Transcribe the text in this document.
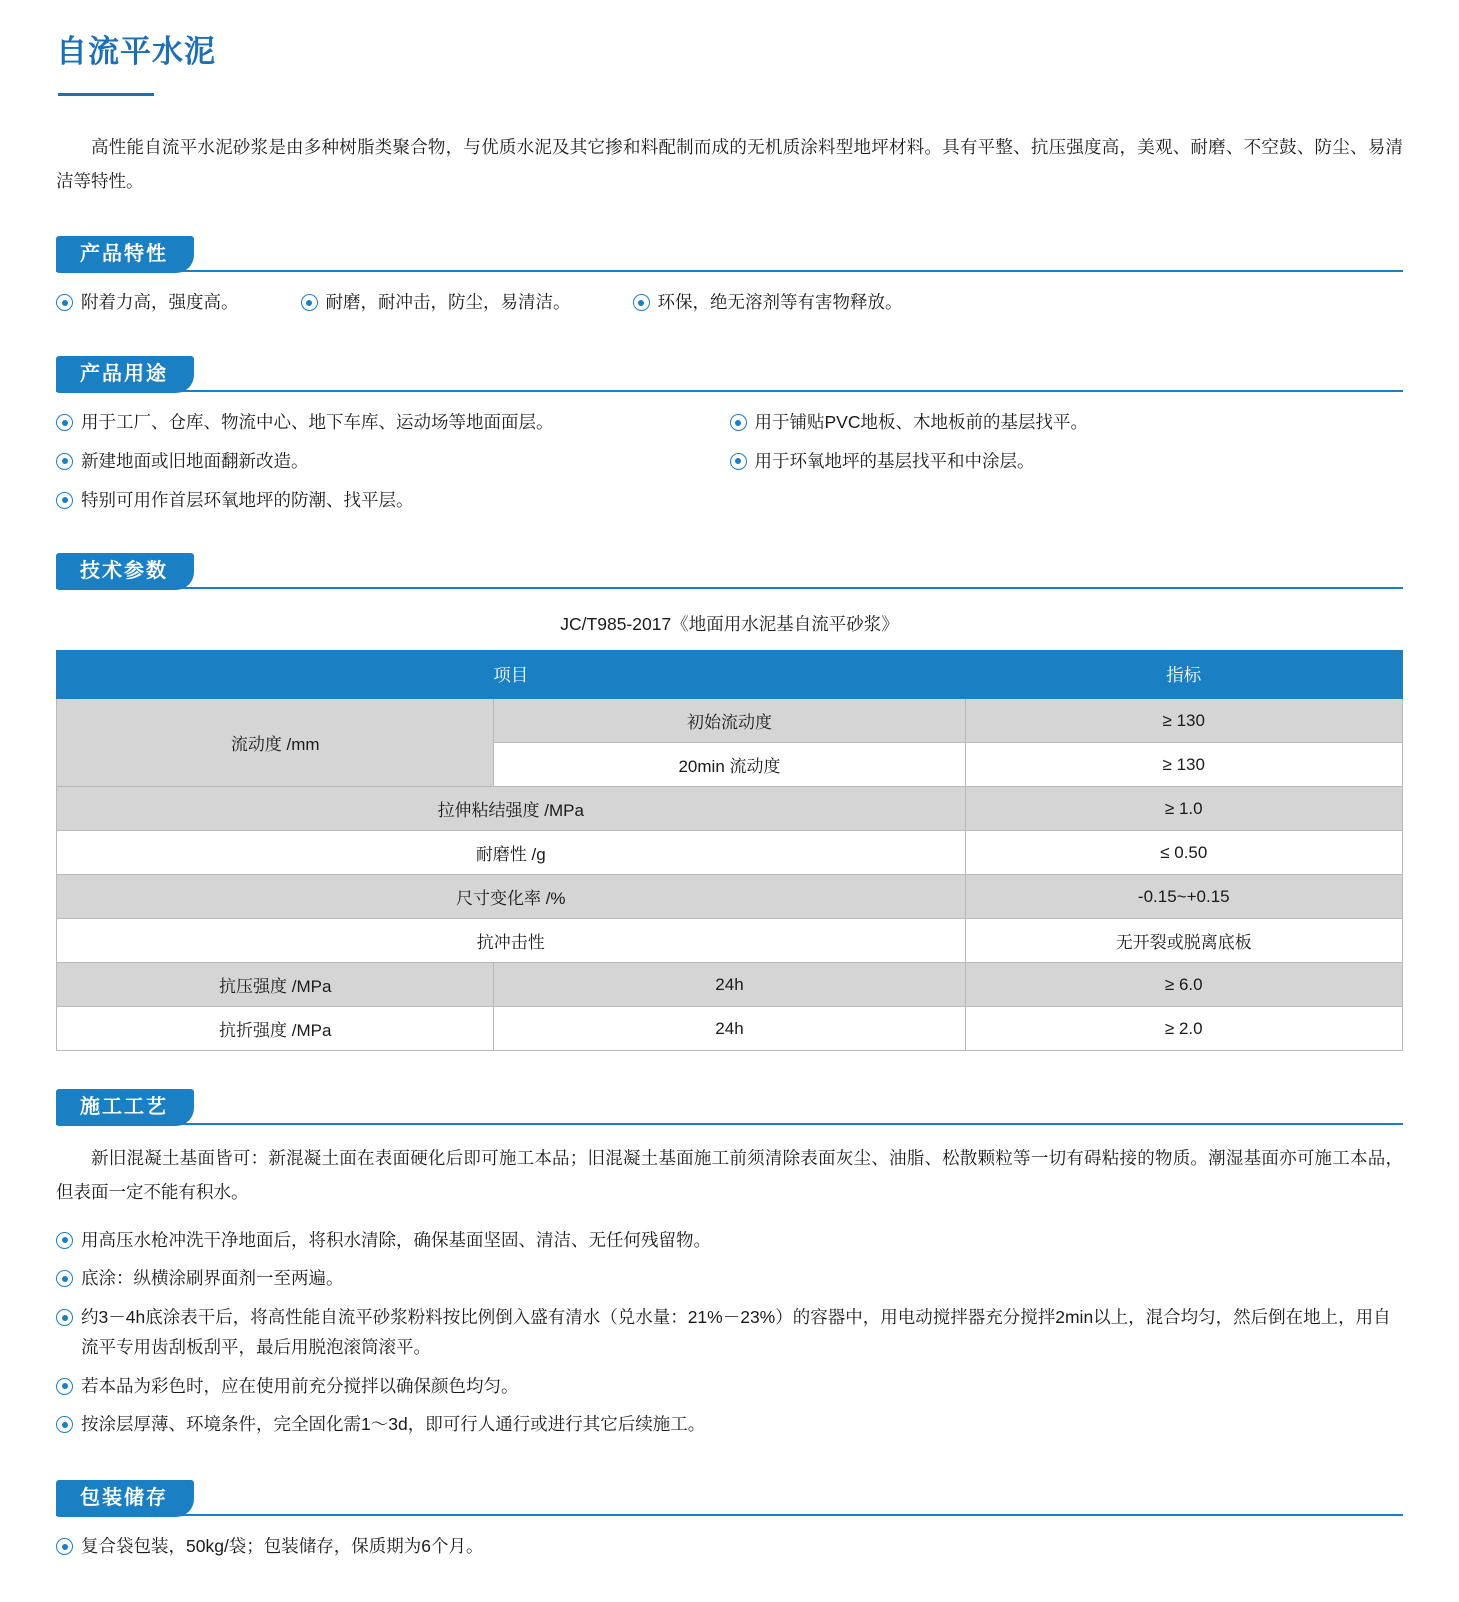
自流平水泥

高性能自流平水泥砂浆是由多种树脂类聚合物，与优质水泥及其它掺和料配制而成的无机质涂料型地坪材料。具有平整、抗压强度高，美观、耐磨、不空鼓、防尘、易清洁等特性。

产品特性
附着力高，强度高。	耐磨，耐冲击，防尘，易清洁。	环保，绝无溶剂等有害物释放。
产品用途
用于工厂、仓库、物流中心、地下车库、运动场等地面面层。	用于铺贴PVC地板、木地板前的基层找平。
新建地面或旧地面翻新改造。	用于环氧地坪的基层找平和中涂层。
特别可用作首层环氧地坪的防潮、找平层。
技术参数
JC/T985-2017《地面用水泥基自流平砂浆》
项目		指标
流动度 /mm	初始流动度	≥ 130
	20min 流动度	≥ 130
拉伸粘结强度 /MPa		≥ 1.0
耐磨性 /g		≤ 0.50
尺寸变化率 /%		-0.15~+0.15
抗冲击性		无开裂或脱离底板
抗压强度 /MPa	24h	≥ 6.0
抗折强度 /MPa	24h	≥ 2.0
施工工艺

新旧混凝土基面皆可：新混凝土面在表面硬化后即可施工本品；旧混凝土基面施工前须清除表面灰尘、油脂、松散颗粒等一切有碍粘接的物质。潮湿基面亦可施工本品，但表面一定不能有积水。

用高压水枪冲洗干净地面后，将积水清除，确保基面坚固、清洁、无任何残留物。
底涂：纵横涂刷界面剂一至两遍。
约3－4h底涂表干后，将高性能自流平砂浆粉料按比例倒入盛有清水（兑水量：21%－23%）的容器中，用电动搅拌器充分搅拌2min以上，混合均匀，然后倒在地上，用自流平专用齿刮板刮平，最后用脱泡滚筒滚平。
若本品为彩色时，应在使用前充分搅拌以确保颜色均匀。
按涂层厚薄、环境条件，完全固化需1～3d，即可行人通行或进行其它后续施工。
包装储存
复合袋包装，50kg/袋；包装储存，保质期为6个月。
